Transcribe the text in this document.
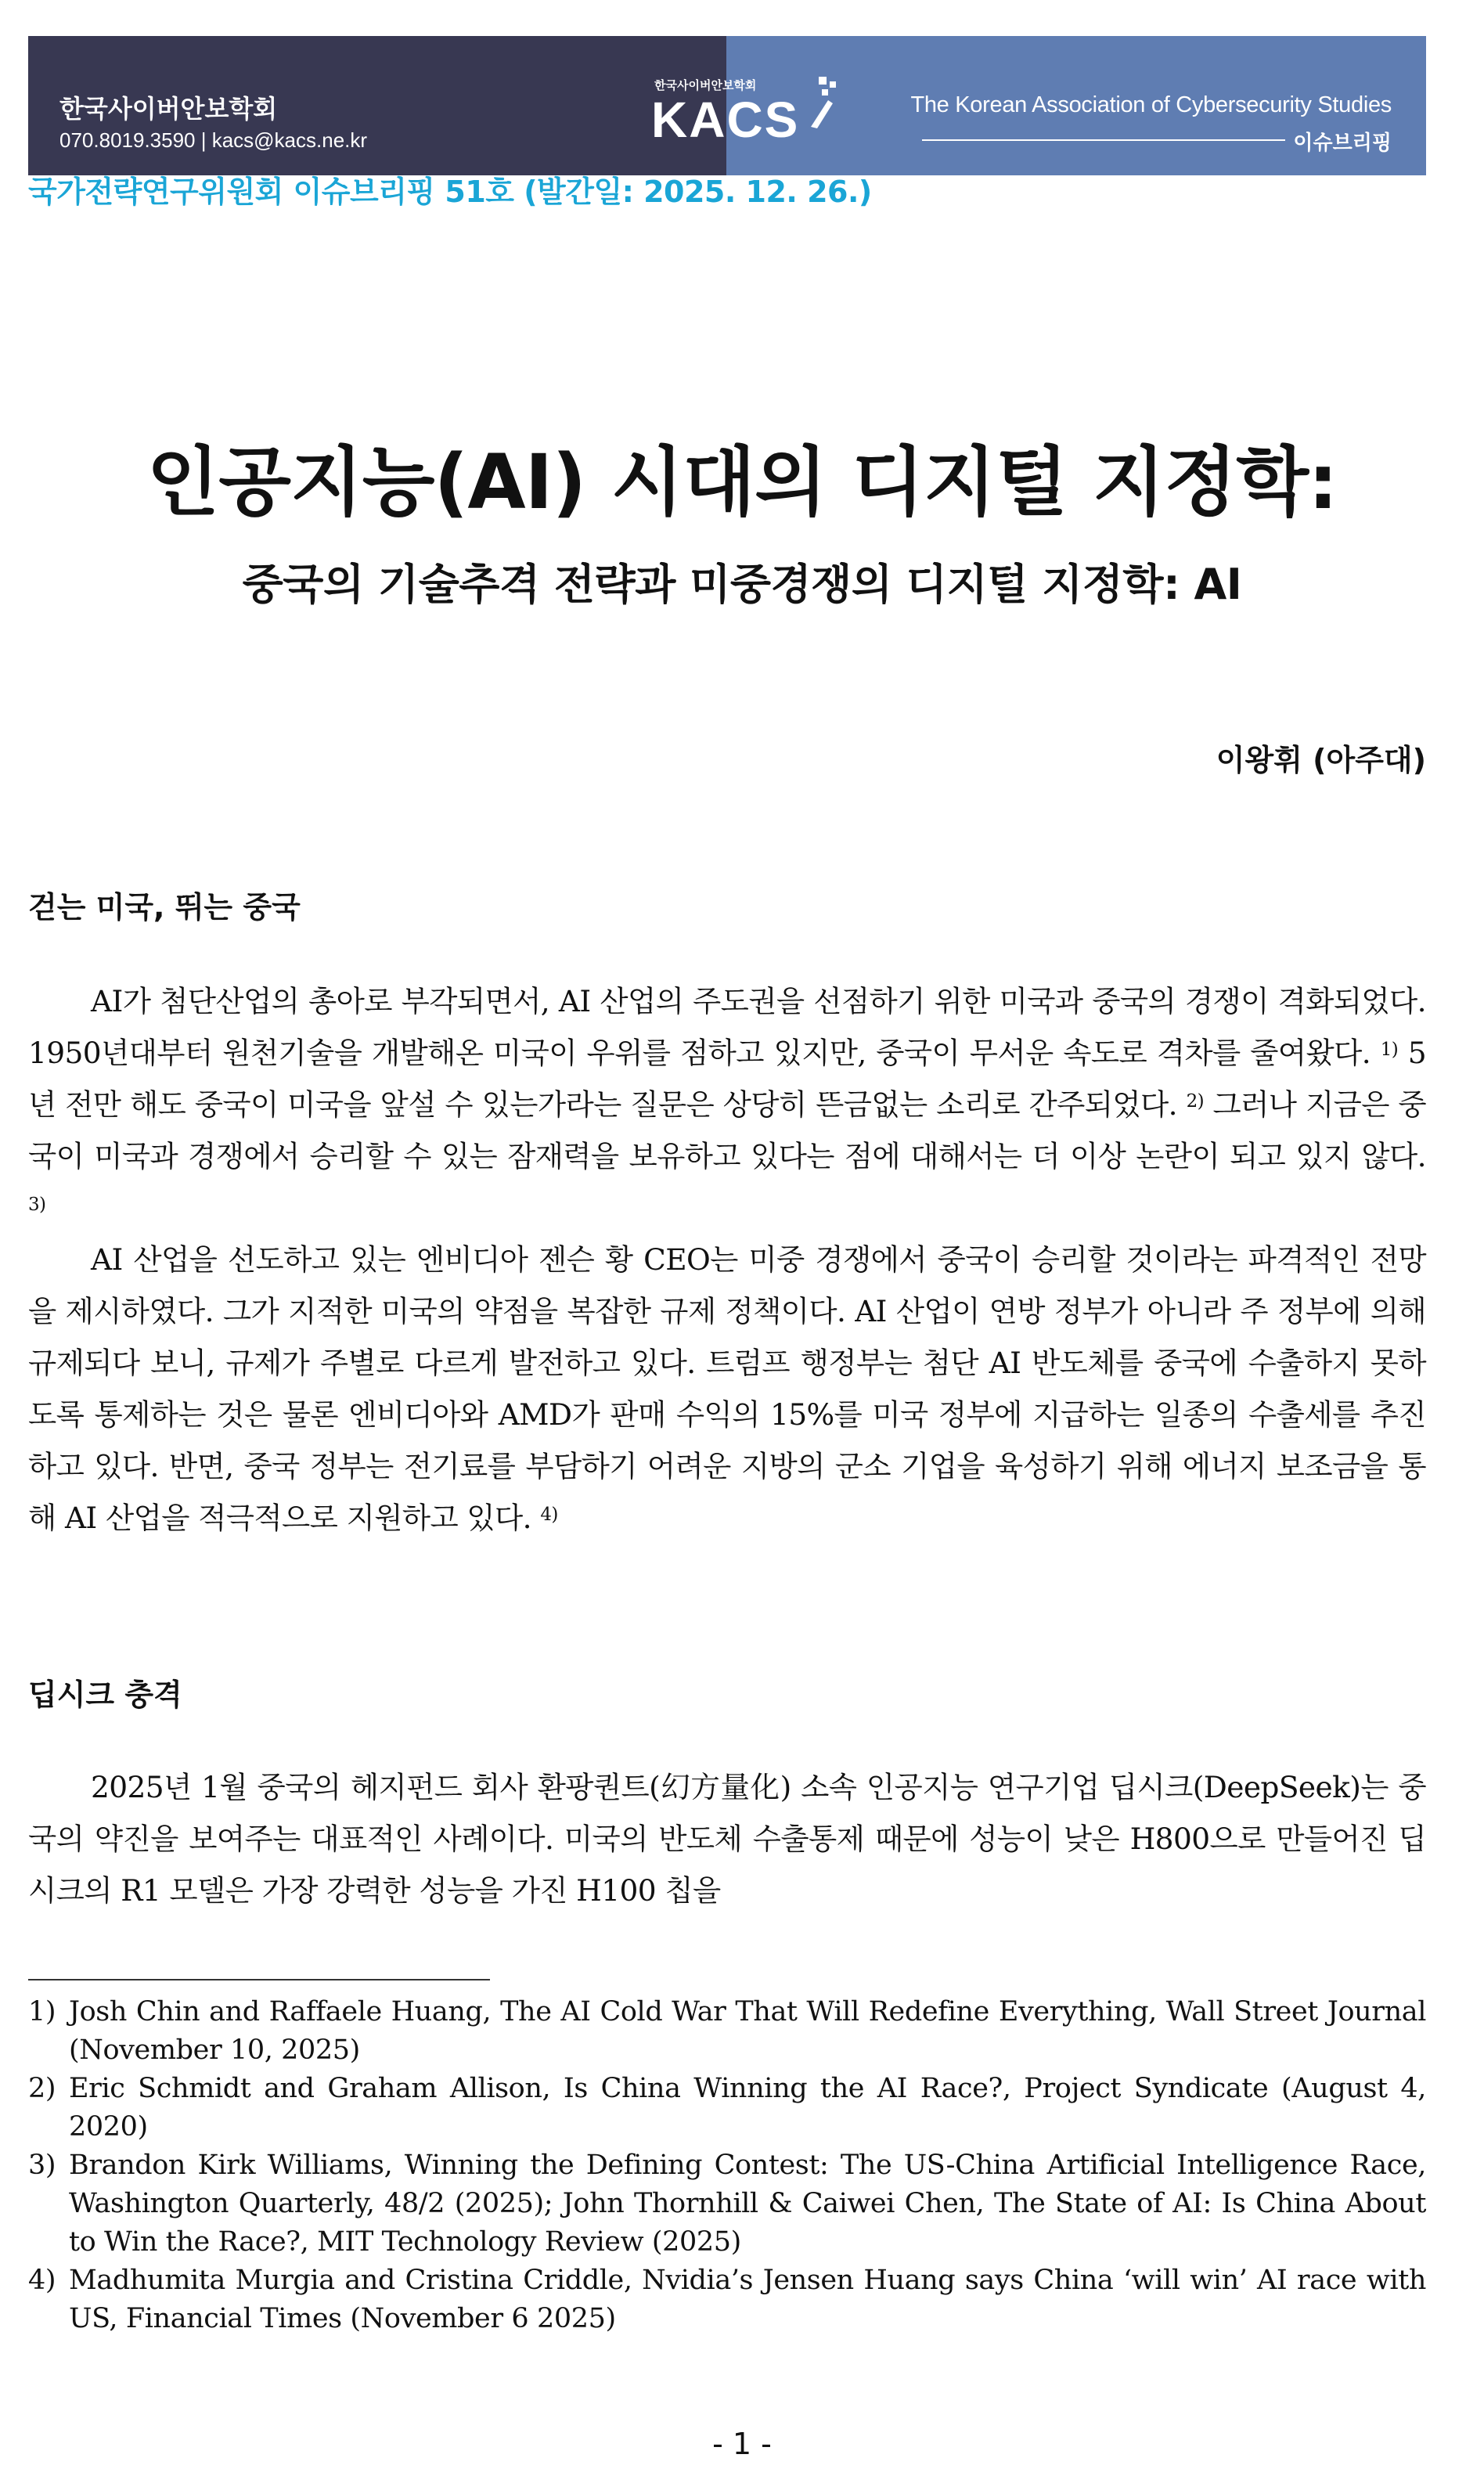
한국사이버안보학회
070.8019.3590 | kacs@kacs.ne.kr
The Korean Association of Cybersecurity Studies
이슈브리핑
한국사이버안보학회
KACS
국가전략연구위원회 이슈브리핑 51호 (발간일: 2025. 12. 26.)
인공지능(AI) 시대의 디지털 지정학:
중국의 기술추격 전략과 미중경쟁의 디지털 지정학: AI
이왕휘 (아주대)
걷는 미국, 뛰는 중국
AI가 첨단산업의 총아로 부각되면서, AI 산업의 주도권을 선점하기 위한 미국과 중국의 경쟁이 격화되었다. 1950년대부터 원천기술을 개발해온 미국이 우위를 점하고 있지만, 중국이 무서운 속도로 격차를 줄여왔다. $^{1)}$ 5년 전만 해도 중국이 미국을 앞설 수 있는가라는 질문은 상당히 뜬금없는 소리로 간주되었다. $^{2)}$ 그러나 지금은 중국이 미국과 경쟁에서 승리할 수 있는 잠재력을 보유하고 있다는 점에 대해서는 더 이상 논란이 되고 있지 않다. $^{3)}$
AI 산업을 선도하고 있는 엔비디아 젠슨 황 CEO는 미중 경쟁에서 중국이 승리할 것이라는 파격적인 전망을 제시하였다. 그가 지적한 미국의 약점을 복잡한 규제 정책이다. AI 산업이 연방 정부가 아니라 주 정부에 의해 규제되다 보니, 규제가 주별로 다르게 발전하고 있다. 트럼프 행정부는 첨단 AI 반도체를 중국에 수출하지 못하도록 통제하는 것은 물론 엔비디아와 AMD가 판매 수익의 15%를 미국 정부에 지급하는 일종의 수출세를 추진하고 있다. 반면, 중국 정부는 전기료를 부담하기 어려운 지방의 군소 기업을 육성하기 위해 에너지 보조금을 통해 AI 산업을 적극적으로 지원하고 있다. $^{4)}$
딥시크 충격
2025년 1월 중국의 헤지펀드 회사 환팡퀀트(幻方量化) 소속 인공지능 연구기업 딥시크(DeepSeek)는 중국의 약진을 보여주는 대표적인 사례이다. 미국의 반도체 수출통제 때문에 성능이 낮은 H800으로 만들어진 딥시크의 R1 모델은 가장 강력한 성능을 가진 H100 칩을
1) Josh Chin and Raffaele Huang, The AI Cold War That Will Redefine Everything, Wall Street Journal (November 10, 2025)
2) Eric Schmidt and Graham Allison, Is China Winning the AI Race?, Project Syndicate (August 4, 2020)
3) Brandon Kirk Williams, Winning the Defining Contest: The US-China Artificial Intelligence Race, Washington Quarterly, 48/2 (2025); John Thornhill & Caiwei Chen, The State of AI: Is China About to Win the Race?, MIT Technology Review (2025)
4) Madhumita Murgia and Cristina Criddle, Nvidia’s Jensen Huang says China ‘will win’ AI race with US, Financial Times (November 6 2025)
- 1 -
